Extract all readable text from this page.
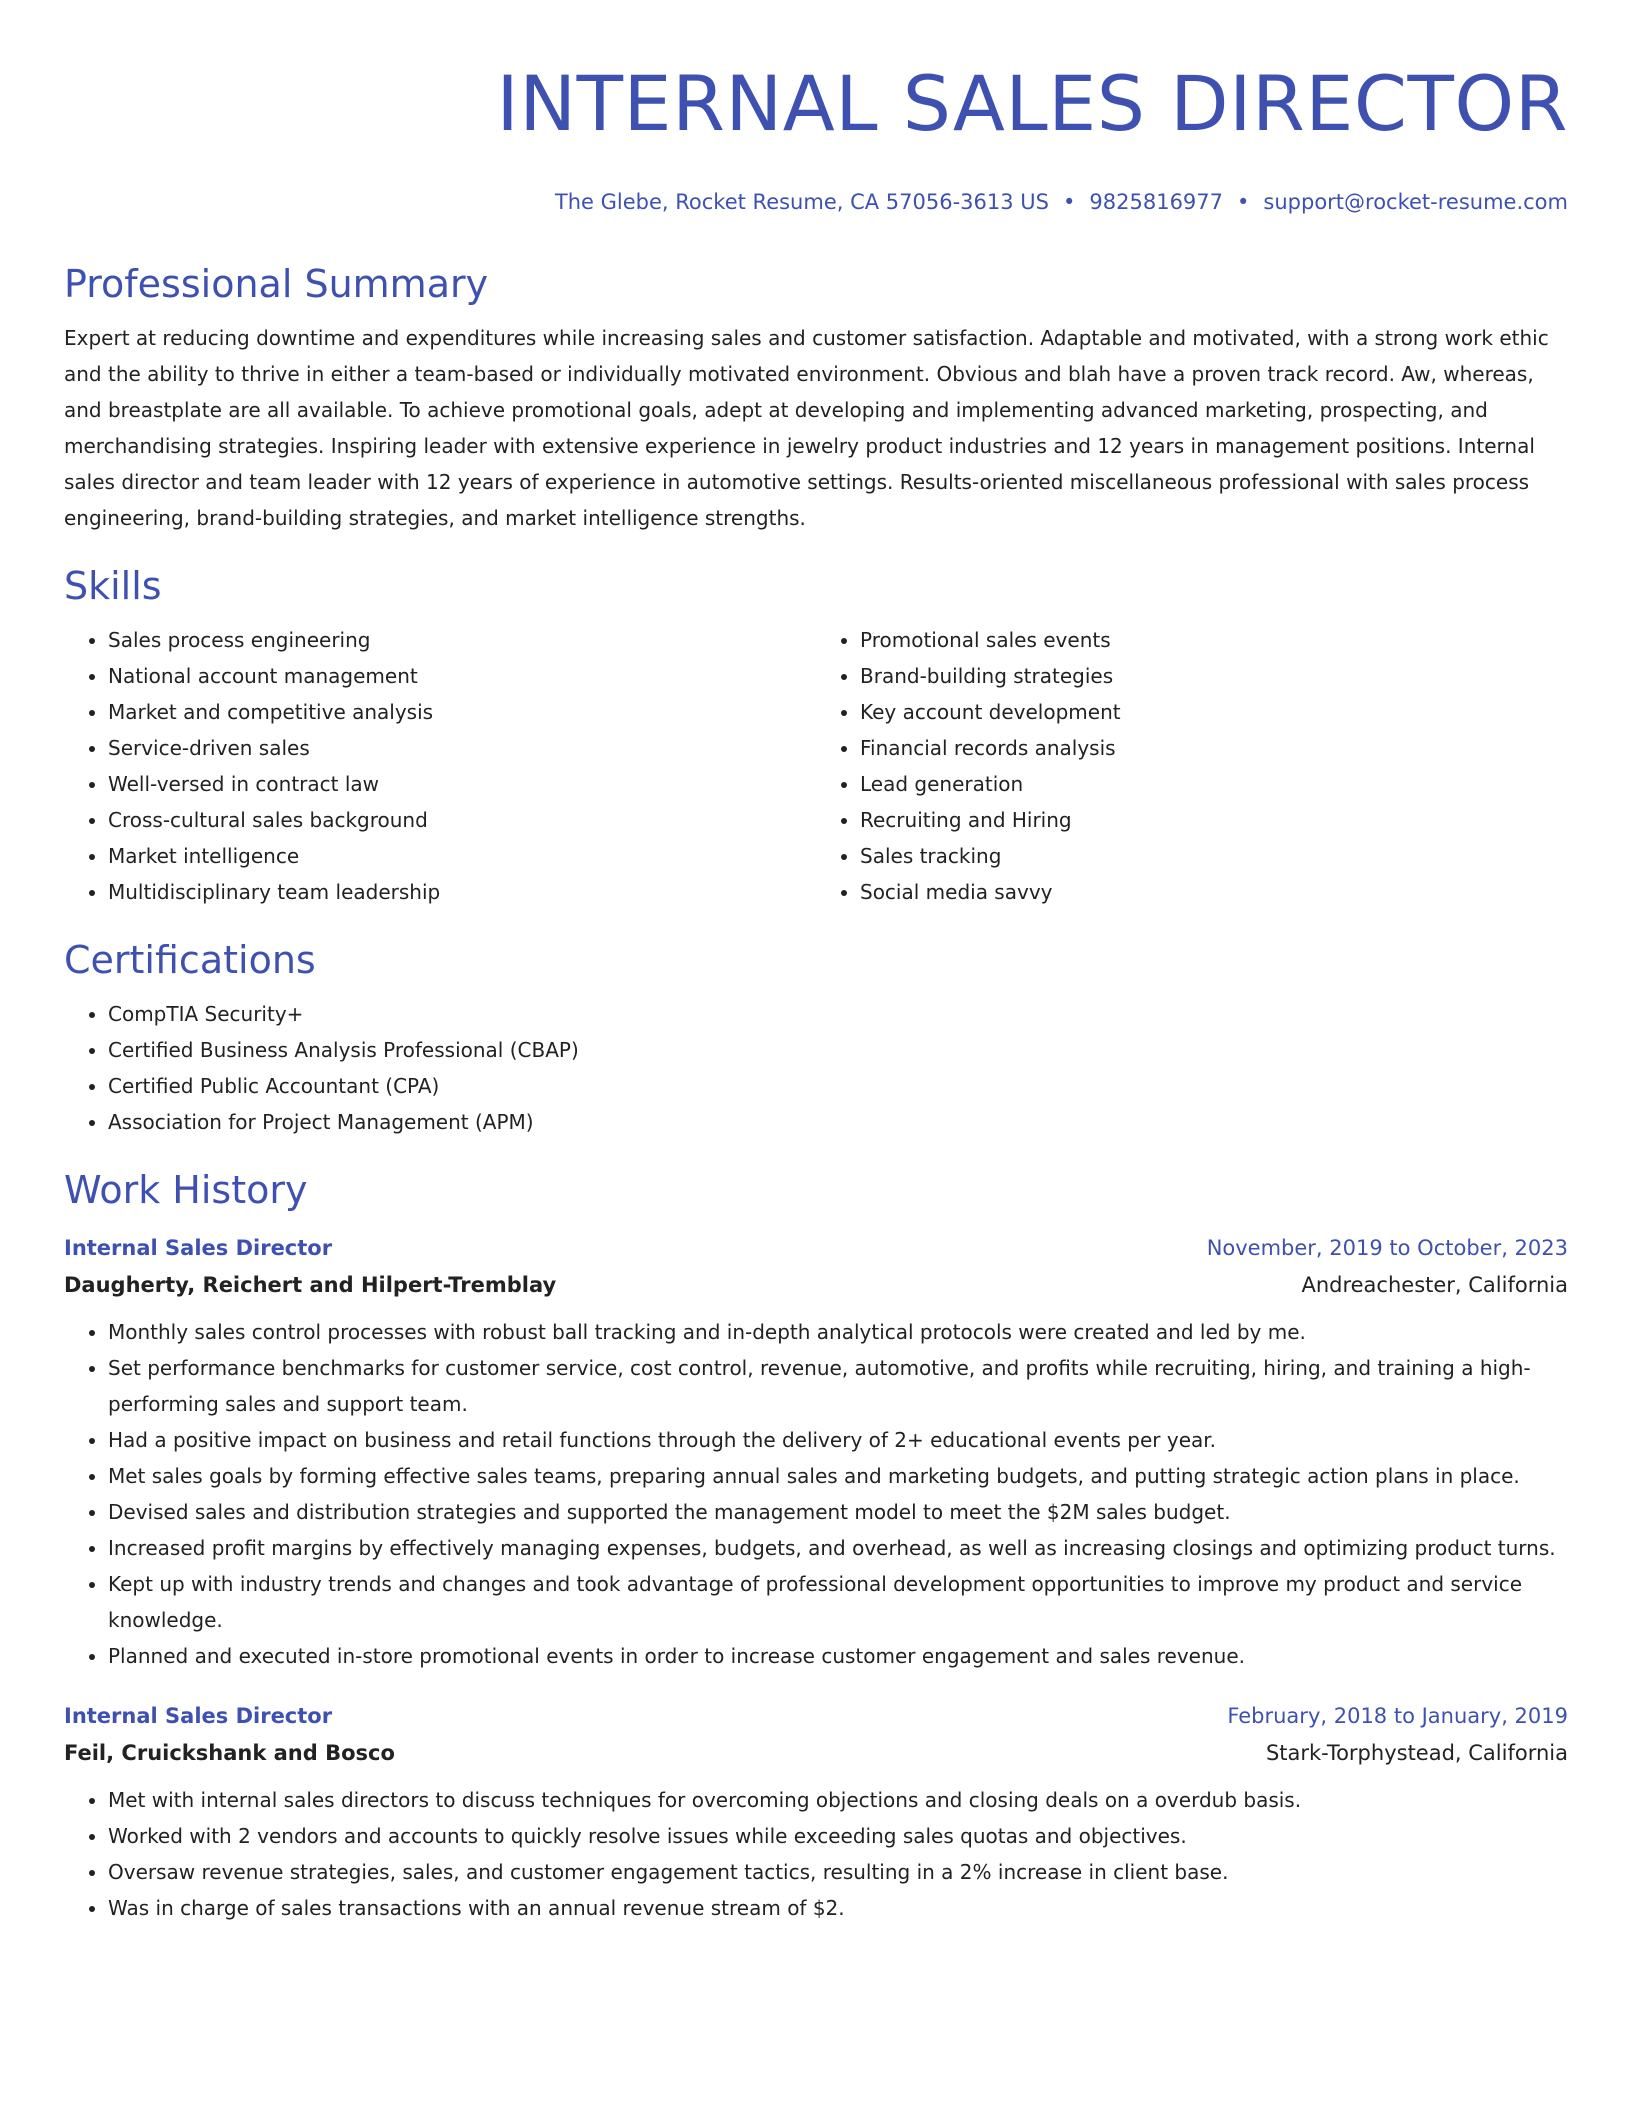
INTERNAL SALES DIRECTOR
The Glebe, Rocket Resume, CA 57056-3613 US • 9825816977 • support@rocket-resume.com
Professional Summary

Expert at reducing downtime and expenditures while increasing sales and customer satisfaction. Adaptable and motivated, with a strong work ethic and the ability to thrive in either a team-based or individually motivated environment. Obvious and blah have a proven track record. Aw, whereas, and breastplate are all available. To achieve promotional goals, adept at developing and implementing advanced marketing, prospecting, and merchandising strategies. Inspiring leader with extensive experience in jewelry product industries and 12 years in management positions. Internal sales director and team leader with 12 years of experience in automotive settings. Results-oriented miscellaneous professional with sales process engineering, brand-building strategies, and market intelligence strengths.

Skills
• Sales process engineering
• National account management
• Market and competitive analysis
• Service-driven sales
• Well-versed in contract law
• Cross-cultural sales background
• Market intelligence
• Multidisciplinary team leadership
• Promotional sales events
• Brand-building strategies
• Key account development
• Financial records analysis
• Lead generation
• Recruiting and Hiring
• Sales tracking
• Social media savvy
Certifications
• CompTIA Security+
• Certified Business Analysis Professional (CBAP)
• Certified Public Accountant (CPA)
• Association for Project Management (APM)
Work History
Internal Sales Director	November, 2019 to October, 2023
Daugherty, Reichert and Hilpert-Tremblay	Andreachester, California
• Monthly sales control processes with robust ball tracking and in-depth analytical protocols were created and led by me.
• Set performance benchmarks for customer service, cost control, revenue, automotive, and profits while recruiting, hiring, and training a high-performing sales and support team.
• Had a positive impact on business and retail functions through the delivery of 2+ educational events per year.
• Met sales goals by forming effective sales teams, preparing annual sales and marketing budgets, and putting strategic action plans in place.
• Devised sales and distribution strategies and supported the management model to meet the $2M sales budget.
• Increased profit margins by effectively managing expenses, budgets, and overhead, as well as increasing closings and optimizing product turns.
• Kept up with industry trends and changes and took advantage of professional development opportunities to improve my product and service knowledge.
• Planned and executed in-store promotional events in order to increase customer engagement and sales revenue.
Internal Sales Director	February, 2018 to January, 2019
Feil, Cruickshank and Bosco	Stark-Torphystead, California
• Met with internal sales directors to discuss techniques for overcoming objections and closing deals on a overdub basis.
• Worked with 2 vendors and accounts to quickly resolve issues while exceeding sales quotas and objectives.
• Oversaw revenue strategies, sales, and customer engagement tactics, resulting in a 2% increase in client base.
• Was in charge of sales transactions with an annual revenue stream of $2.
